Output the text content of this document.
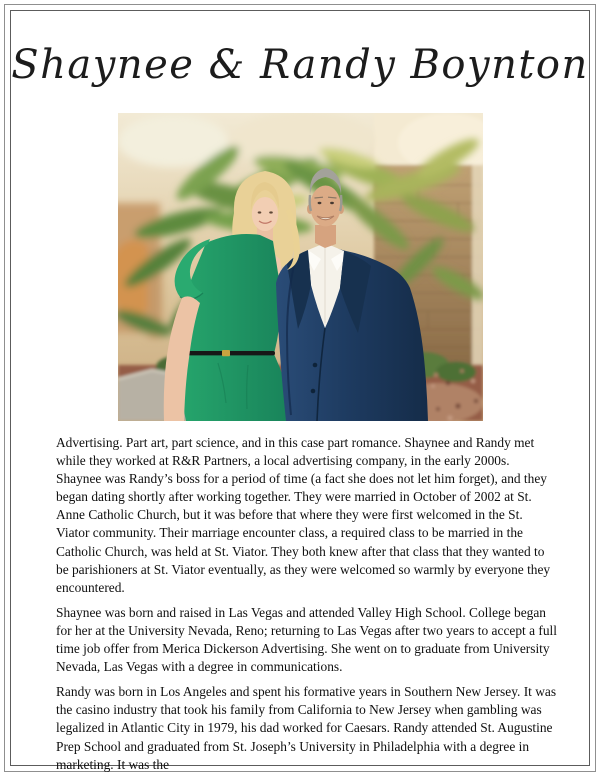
Shaynee & Randy Boynton

Advertising. Part art, part science, and in this case part romance. Shaynee and Randy met while they worked at R&R Partners, a local advertising company, in the early 2000s. Shaynee was Randy’s boss for a period of time (a fact she does not let him forget), and they began dating shortly after working together. They were married in October of 2002 at St. Anne Catholic Church, but it was before that where they were first welcomed in the St. Viator community. Their marriage encounter class, a required class to be married in the Catholic Church, was held at St. Viator. They both knew after that class that they wanted to be parishioners at St. Viator eventually, as they were welcomed so warmly by everyone they encountered.

Shaynee was born and raised in Las Vegas and attended Valley High School. College began for her at the University Nevada, Reno; returning to Las Vegas after two years to accept a full time job offer from Merica Dickerson Advertising. She went on to graduate from University Nevada, Las Vegas with a degree in communications.

Randy was born in Los Angeles and spent his formative years in Southern New Jersey. It was the casino industry that took his family from California to New Jersey when gambling was legalized in Atlantic City in 1979, his dad worked for Caesars. Randy attended St. Augustine Prep School and graduated from St. Joseph’s University in Philadelphia with a degree in marketing. It was the
